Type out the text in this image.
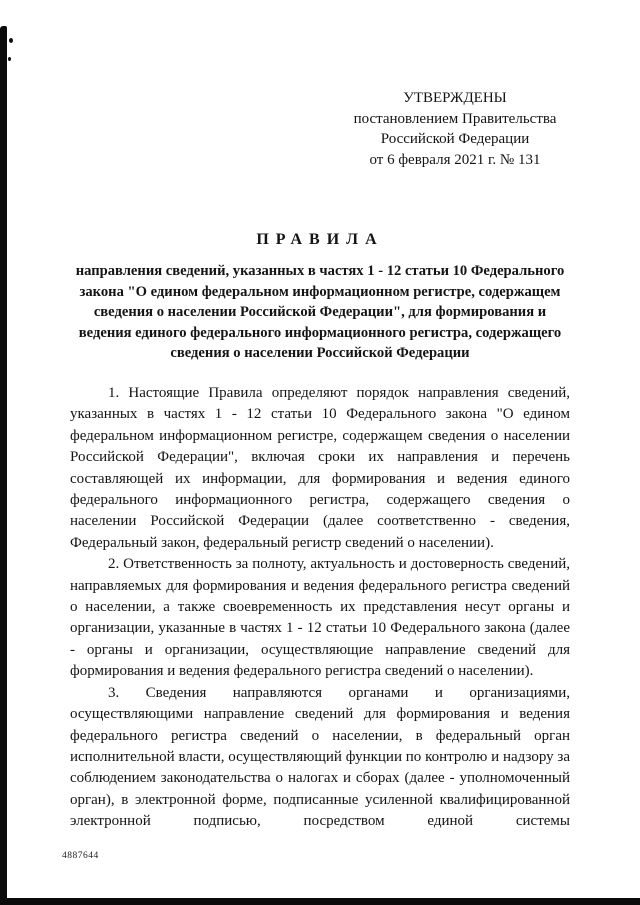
УТВЕРЖДЕНЫ
постановлением Правительства
Российской Федерации
от 6 февраля 2021 г. № 131
ПРАВИЛА
направления сведений, указанных в частях 1 - 12 статьи 10 Федерального закона "О едином федеральном информационном регистре, содержащем сведения о населении Российской Федерации", для формирования и ведения единого федерального информационного регистра, содержащего сведения о населении Российской Федерации

1. Настоящие Правила определяют порядок направления сведений, указанных в частях 1 - 12 статьи 10 Федерального закона "О едином федеральном информационном регистре, содержащем сведения о населении Российской Федерации", включая сроки их направления и перечень составляющей их информации, для формирования и ведения единого федерального информационного регистра, содержащего сведения о населении Российской Федерации (далее соответственно - сведения, Федеральный закон, федеральный регистр сведений о населении).

2. Ответственность за полноту, актуальность и достоверность сведений, направляемых для формирования и ведения федерального регистра сведений о населении, а также своевременность их представления несут органы и организации, указанные в частях 1 - 12 статьи 10 Федерального закона (далее - органы и организации, осуществляющие направление сведений для формирования и ведения федерального регистра сведений о населении).

3. Сведения направляются органами и организациями, осуществляющими направление сведений для формирования и ведения федерального регистра сведений о населении, в федеральный орган исполнительной власти, осуществляющий функции по контролю и надзору за соблюдением законодательства о налогах и сборах (далее - уполномоченный орган), в электронной форме, подписанные усиленной квалифицированной электронной подписью, посредством единой системы

4887644
